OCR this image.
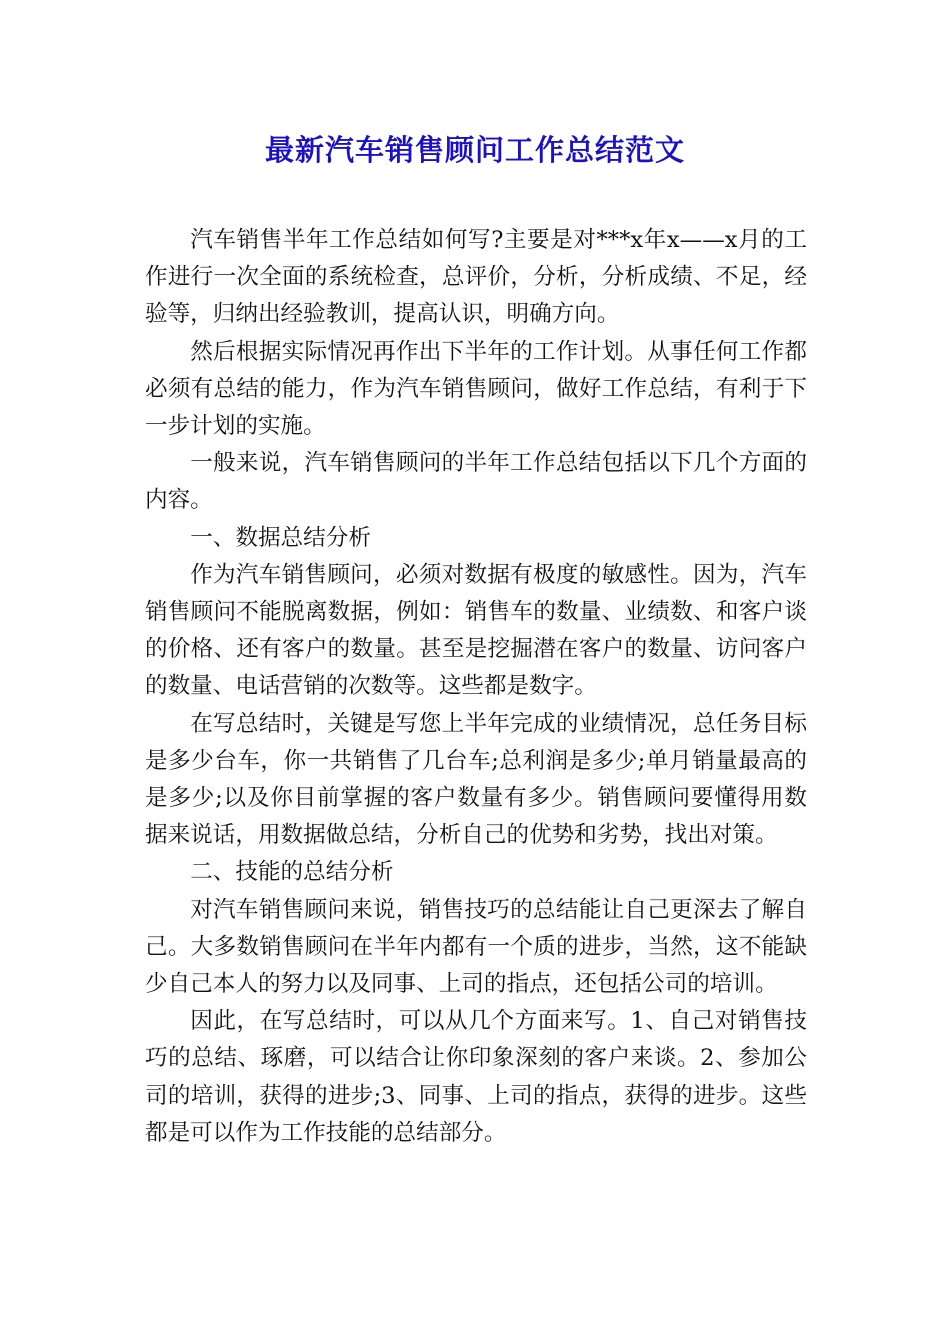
最新汽车销售顾问工作总结范文

汽车销售半年工作总结如何写?主要是对***x年x——x月的工作进行一次全面的系统检查，总评价，分析，分析成绩、不足，经验等，归纳出经验教训，提高认识，明确方向。

然后根据实际情况再作出下半年的工作计划。从事任何工作都必须有总结的能力，作为汽车销售顾问，做好工作总结，有利于下一步计划的实施。

一般来说，汽车销售顾问的半年工作总结包括以下几个方面的内容。

一、数据总结分析

作为汽车销售顾问，必须对数据有极度的敏感性。因为，汽车销售顾问不能脱离数据，例如：销售车的数量、业绩数、和客户谈的价格、还有客户的数量。甚至是挖掘潜在客户的数量、访问客户的数量、电话营销的次数等。这些都是数字。

在写总结时，关键是写您上半年完成的业绩情况，总任务目标是多少台车，你一共销售了几台车;总利润是多少;单月销量最高的是多少;以及你目前掌握的客户数量有多少。销售顾问要懂得用数据来说话，用数据做总结，分析自己的优势和劣势，找出对策。

二、技能的总结分析

对汽车销售顾问来说，销售技巧的总结能让自己更深去了解自己。大多数销售顾问在半年内都有一个质的进步，当然，这不能缺少自己本人的努力以及同事、上司的指点，还包括公司的培训。

因此，在写总结时，可以从几个方面来写。1、自己对销售技巧的总结、琢磨，可以结合让你印象深刻的客户来谈。2、参加公司的培训，获得的进步;3、同事、上司的指点，获得的进步。这些都是可以作为工作技能的总结部分。
